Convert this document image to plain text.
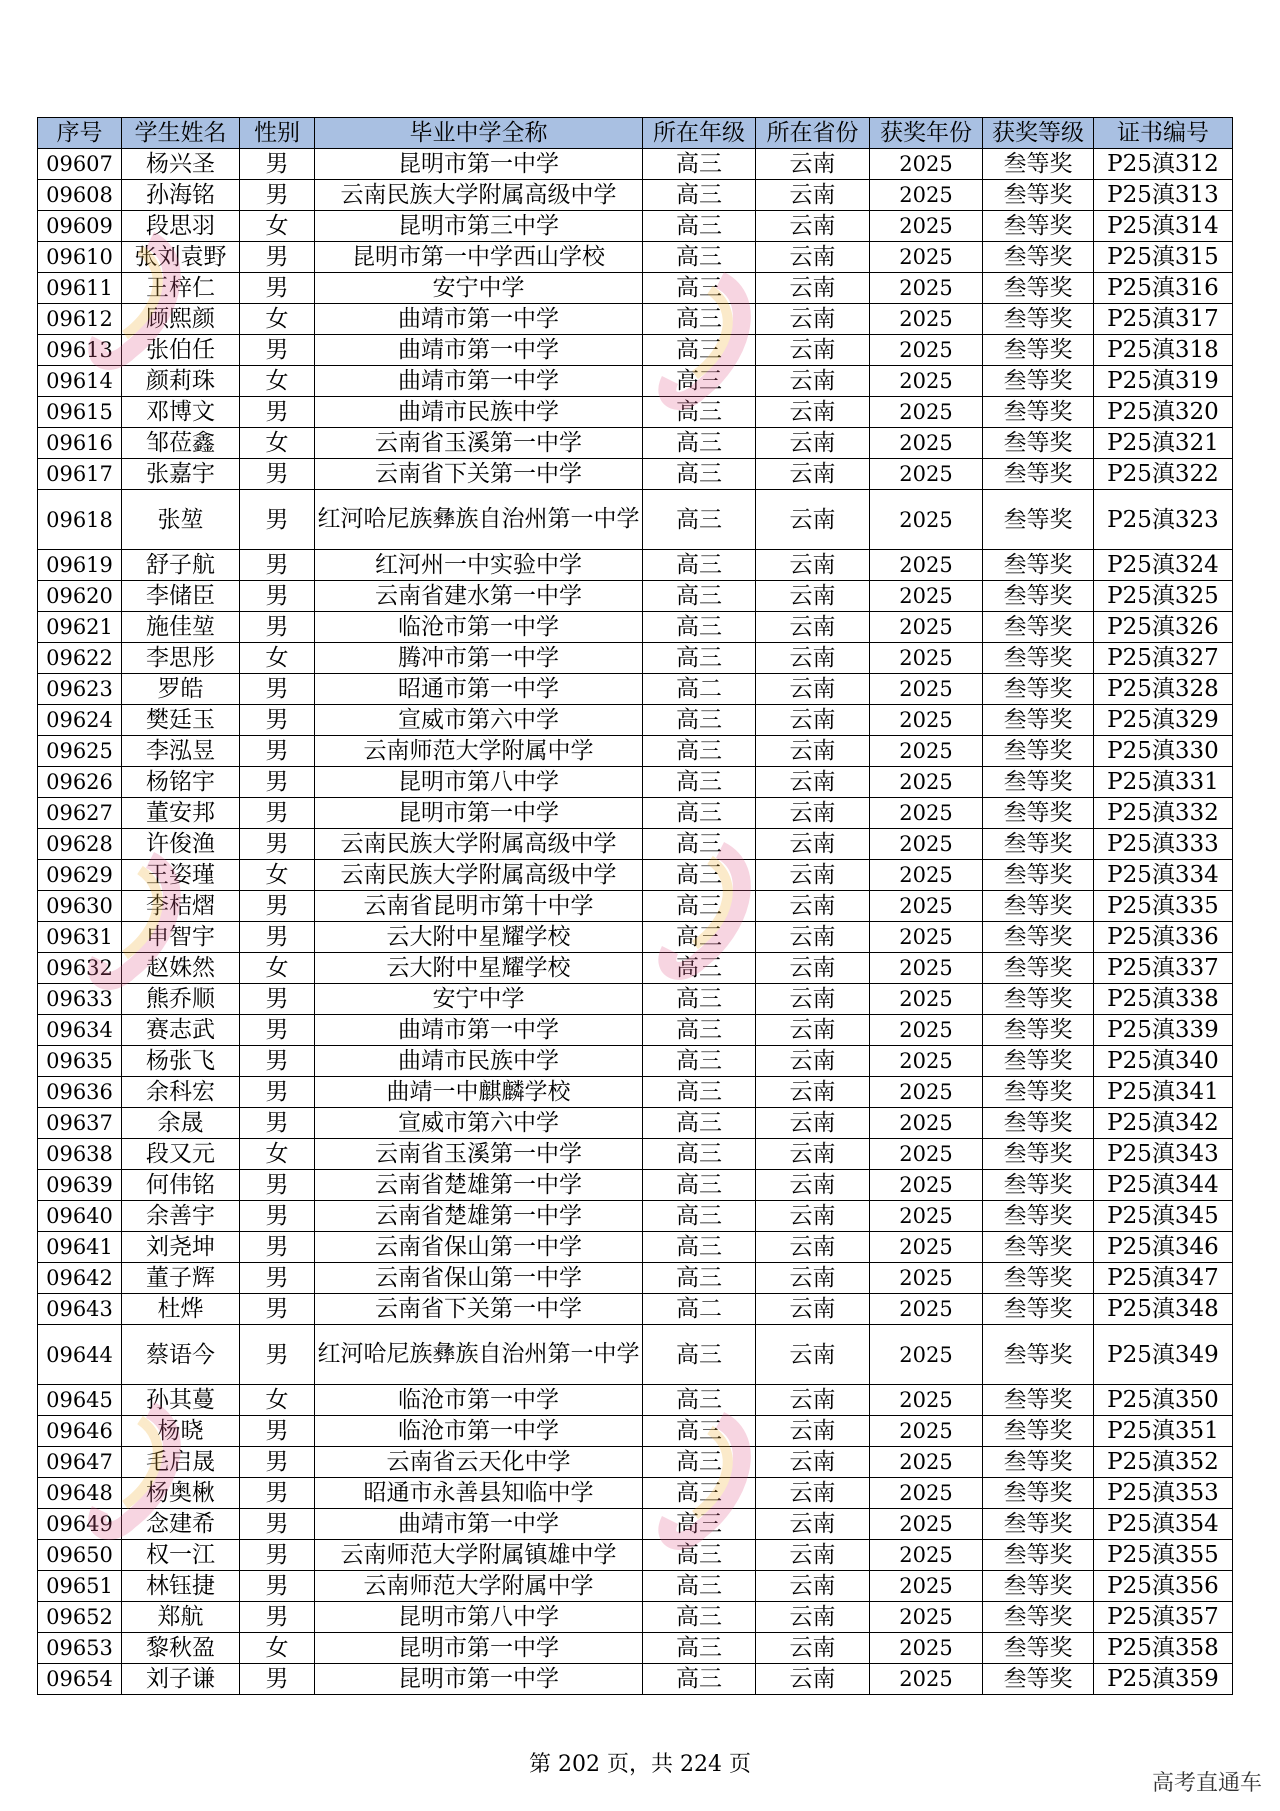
序号	学生姓名	性别	毕业中学全称	所在年级	所在省份	获奖年份	获奖等级	证书编号
09607	杨兴圣	男	昆明市第一中学	高三	云南	2025	叁等奖	P25滇312
09608	孙海铭	男	云南民族大学附属高级中学	高三	云南	2025	叁等奖	P25滇313
09609	段思羽	女	昆明市第三中学	高三	云南	2025	叁等奖	P25滇314
09610	张刘袁野	男	昆明市第一中学西山学校	高三	云南	2025	叁等奖	P25滇315
09611	王梓仁	男	安宁中学	高三	云南	2025	叁等奖	P25滇316
09612	顾熙颜	女	曲靖市第一中学	高三	云南	2025	叁等奖	P25滇317
09613	张伯任	男	曲靖市第一中学	高三	云南	2025	叁等奖	P25滇318
09614	颜莉珠	女	曲靖市第一中学	高三	云南	2025	叁等奖	P25滇319
09615	邓博文	男	曲靖市民族中学	高三	云南	2025	叁等奖	P25滇320
09616	邹莅鑫	女	云南省玉溪第一中学	高三	云南	2025	叁等奖	P25滇321
09617	张嘉宇	男	云南省下关第一中学	高三	云南	2025	叁等奖	P25滇322
09618	张堃	男	红河哈尼族彝族自治州第一中学	高三	云南	2025	叁等奖	P25滇323
09619	舒子航	男	红河州一中实验中学	高三	云南	2025	叁等奖	P25滇324
09620	李储臣	男	云南省建水第一中学	高三	云南	2025	叁等奖	P25滇325
09621	施佳堃	男	临沧市第一中学	高三	云南	2025	叁等奖	P25滇326
09622	李思彤	女	腾冲市第一中学	高三	云南	2025	叁等奖	P25滇327
09623	罗皓	男	昭通市第一中学	高二	云南	2025	叁等奖	P25滇328
09624	樊廷玉	男	宣威市第六中学	高三	云南	2025	叁等奖	P25滇329
09625	李泓昱	男	云南师范大学附属中学	高三	云南	2025	叁等奖	P25滇330
09626	杨铭宇	男	昆明市第八中学	高三	云南	2025	叁等奖	P25滇331
09627	董安邦	男	昆明市第一中学	高三	云南	2025	叁等奖	P25滇332
09628	许俊渔	男	云南民族大学附属高级中学	高三	云南	2025	叁等奖	P25滇333
09629	王姿瑾	女	云南民族大学附属高级中学	高三	云南	2025	叁等奖	P25滇334
09630	李桔熠	男	云南省昆明市第十中学	高三	云南	2025	叁等奖	P25滇335
09631	申智宇	男	云大附中星耀学校	高三	云南	2025	叁等奖	P25滇336
09632	赵姝然	女	云大附中星耀学校	高三	云南	2025	叁等奖	P25滇337
09633	熊乔顺	男	安宁中学	高三	云南	2025	叁等奖	P25滇338
09634	赛志武	男	曲靖市第一中学	高三	云南	2025	叁等奖	P25滇339
09635	杨张飞	男	曲靖市民族中学	高三	云南	2025	叁等奖	P25滇340
09636	余科宏	男	曲靖一中麒麟学校	高三	云南	2025	叁等奖	P25滇341
09637	余晟	男	宣威市第六中学	高三	云南	2025	叁等奖	P25滇342
09638	段又元	女	云南省玉溪第一中学	高三	云南	2025	叁等奖	P25滇343
09639	何伟铭	男	云南省楚雄第一中学	高三	云南	2025	叁等奖	P25滇344
09640	余善宇	男	云南省楚雄第一中学	高三	云南	2025	叁等奖	P25滇345
09641	刘尧坤	男	云南省保山第一中学	高三	云南	2025	叁等奖	P25滇346
09642	董子辉	男	云南省保山第一中学	高三	云南	2025	叁等奖	P25滇347
09643	杜烨	男	云南省下关第一中学	高二	云南	2025	叁等奖	P25滇348
09644	蔡语今	男	红河哈尼族彝族自治州第一中学	高三	云南	2025	叁等奖	P25滇349
09645	孙其蔓	女	临沧市第一中学	高三	云南	2025	叁等奖	P25滇350
09646	杨晓	男	临沧市第一中学	高三	云南	2025	叁等奖	P25滇351
09647	毛启晟	男	云南省云天化中学	高三	云南	2025	叁等奖	P25滇352
09648	杨奥楸	男	昭通市永善县知临中学	高三	云南	2025	叁等奖	P25滇353
09649	念建希	男	曲靖市第一中学	高三	云南	2025	叁等奖	P25滇354
09650	权一江	男	云南师范大学附属镇雄中学	高三	云南	2025	叁等奖	P25滇355
09651	林钰捷	男	云南师范大学附属中学	高三	云南	2025	叁等奖	P25滇356
09652	郑航	男	昆明市第八中学	高三	云南	2025	叁等奖	P25滇357
09653	黎秋盈	女	昆明市第一中学	高三	云南	2025	叁等奖	P25滇358
09654	刘子谦	男	昆明市第一中学	高三	云南	2025	叁等奖	P25滇359
第 202 页，共 224 页
高考直通车
